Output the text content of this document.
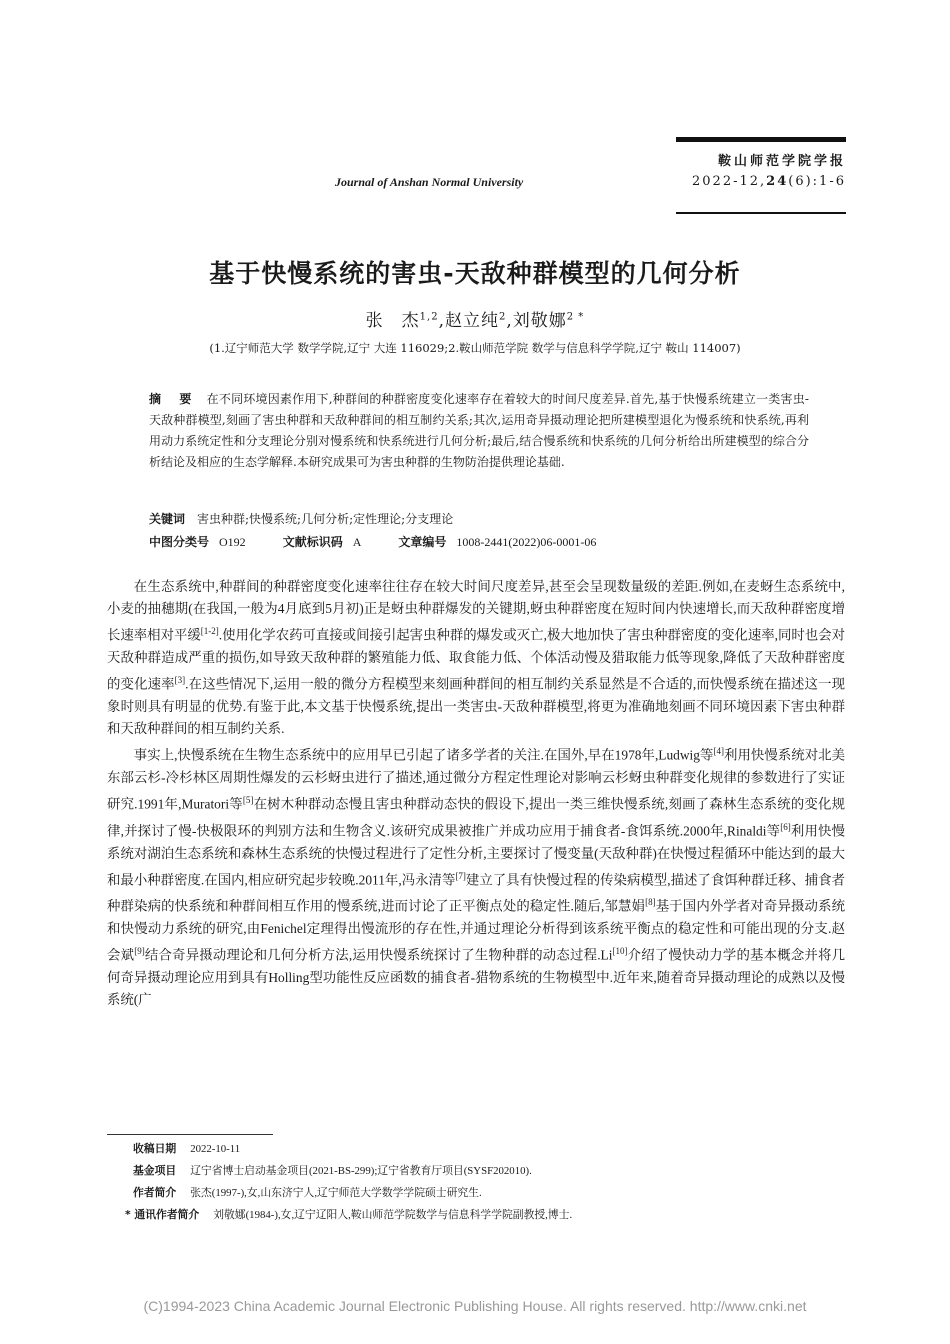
鞍山师范学院学报
2022-12,24(6):1-6
Journal of Anshan Normal University
基于快慢系统的害虫-天敌种群模型的几何分析
张　杰$^{1,2}$,赵立纯$^2$,刘敬娜$^{2 *}$
(1.辽宁师范大学 数学学院,辽宁 大连 116029;2.鞍山师范学院 数学与信息科学学院,辽宁 鞍山 114007)
摘　要 在不同环境因素作用下,种群间的种群密度变化速率存在着较大的时间尺度差异.首先,基于快慢系统建立一类害虫-天敌种群模型,刻画了害虫种群和天敌种群间的相互制约关系;其次,运用奇异摄动理论把所建模型退化为慢系统和快系统,再利用动力系统定性和分支理论分别对慢系统和快系统进行几何分析;最后,结合慢系统和快系统的几何分析给出所建模型的综合分析结论及相应的生态学解释.本研究成果可为害虫种群的生物防治提供理论基础.
关键词 害虫种群;快慢系统;几何分析;定性理论;分支理论
中图分类号 O192	文献标识码 A	文章编号 1008-2441(2022)06-0001-06

在生态系统中,种群间的种群密度变化速率往往存在较大时间尺度差异,甚至会呈现数量级的差距.例如,在麦蚜生态系统中,小麦的抽穗期(在我国,一般为4月底到5月初)正是蚜虫种群爆发的关键期,蚜虫种群密度在短时间内快速增长,而天敌种群密度增长速率相对平缓[1-2].使用化学农药可直接或间接引起害虫种群的爆发或灭亡,极大地加快了害虫种群密度的变化速率,同时也会对天敌种群造成严重的损伤,如导致天敌种群的繁殖能力低、取食能力低、个体活动慢及猎取能力低等现象,降低了天敌种群密度的变化速率[3].在这些情况下,运用一般的微分方程模型来刻画种群间的相互制约关系显然是不合适的,而快慢系统在描述这一现象时则具有明显的优势.有鉴于此,本文基于快慢系统,提出一类害虫-天敌种群模型,将更为准确地刻画不同环境因素下害虫种群和天敌种群间的相互制约关系.

事实上,快慢系统在生物生态系统中的应用早已引起了诸多学者的关注.在国外,早在1978年,Ludwig等[4]利用快慢系统对北美东部云杉-冷杉林区周期性爆发的云杉蚜虫进行了描述,通过微分方程定性理论对影响云杉蚜虫种群变化规律的参数进行了实证研究.1991年,Muratori等[5]在树木种群动态慢且害虫种群动态快的假设下,提出一类三维快慢系统,刻画了森林生态系统的变化规律,并探讨了慢-快极限环的判别方法和生物含义.该研究成果被推广并成功应用于捕食者-食饵系统.2000年,Rinaldi等[6]利用快慢系统对湖泊生态系统和森林生态系统的快慢过程进行了定性分析,主要探讨了慢变量(天敌种群)在快慢过程循环中能达到的最大和最小种群密度.在国内,相应研究起步较晚.2011年,冯永清等[7]建立了具有快慢过程的传染病模型,描述了食饵种群迁移、捕食者种群染病的快系统和种群间相互作用的慢系统,进而讨论了正平衡点处的稳定性.随后,邹慧娟[8]基于国内外学者对奇异摄动系统和快慢动力系统的研究,由Fenichel定理得出慢流形的存在性,并通过理论分析得到该系统平衡点的稳定性和可能出现的分支.赵会斌[9]结合奇异摄动理论和几何分析方法,运用快慢系统探讨了生物种群的动态过程.Li[10]介绍了慢快动力学的基本概念并将几何奇异摄动理论应用到具有Holling型功能性反应函数的捕食者-猎物系统的生物模型中.近年来,随着奇异摄动理论的成熟以及慢系统(广

收稿日期 2022-10-11
基金项目 辽宁省博士启动基金项目(2021-BS-299);辽宁省教育厅项目(SYSF202010).
作者简介 张杰(1997-),女,山东济宁人,辽宁师范大学数学学院硕士研究生.
* 通讯作者简介 刘敬娜(1984-),女,辽宁辽阳人,鞍山师范学院数学与信息科学学院副教授,博士.
(C)1994-2023 China Academic Journal Electronic Publishing House. All rights reserved. http://www.cnki.net
